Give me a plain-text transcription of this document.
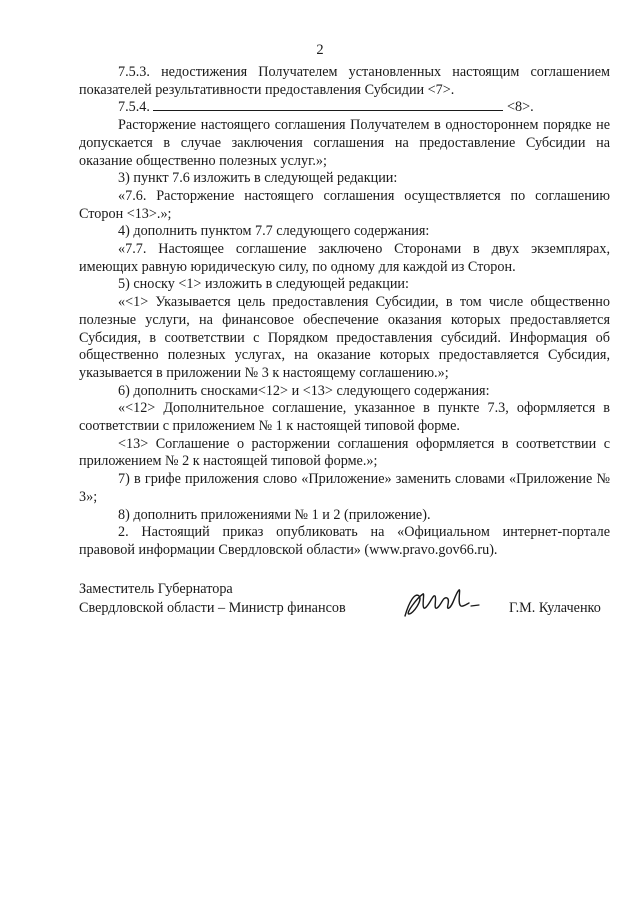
2

7.5.3. недостижения Получателем установленных настоящим соглашением показателей результативности предоставления Субсидии <7>.

7.5.4.	<8>.

Расторжение настоящего соглашения Получателем в одностороннем порядке не допускается в случае заключения соглашения на предоставление Субсидии на оказание общественно полезных услуг.»;

3) пункт 7.6 изложить в следующей редакции:

«7.6. Расторжение настоящего соглашения осуществляется по соглашению Сторон <13>.»;

4) дополнить пунктом 7.7 следующего содержания:

«7.7. Настоящее соглашение заключено Сторонами в двух экземплярах, имеющих равную юридическую силу, по одному для каждой из Сторон.

5) сноску <1> изложить в следующей редакции:

«<1> Указывается цель предоставления Субсидии, в том числе общественно полезные услуги, на финансовое обеспечение оказания которых предоставляется Субсидия, в соответствии с Порядком предоставления субсидий. Информация об общественно полезных услугах, на оказание которых предоставляется Субсидия, указывается в приложении № 3 к настоящему соглашению.»;

6) дополнить сносками<12> и <13> следующего содержания:

«<12> Дополнительное соглашение, указанное в пункте 7.3, оформляется в соответствии с приложением № 1 к настоящей типовой форме.

<13> Соглашение о расторжении соглашения оформляется в соответствии с приложением № 2 к настоящей типовой форме.»;

7) в грифе приложения слово «Приложение» заменить словами «Приложение № 3»;

8) дополнить приложениями № 1 и 2 (приложение).

2. Настоящий приказ опубликовать на «Официальном интернет-портале правовой информации Свердловской области» (www.pravo.gov66.ru).

Заместитель Губернатора

Свердловской области – Министр финансов	Г.М. Кулаченко
